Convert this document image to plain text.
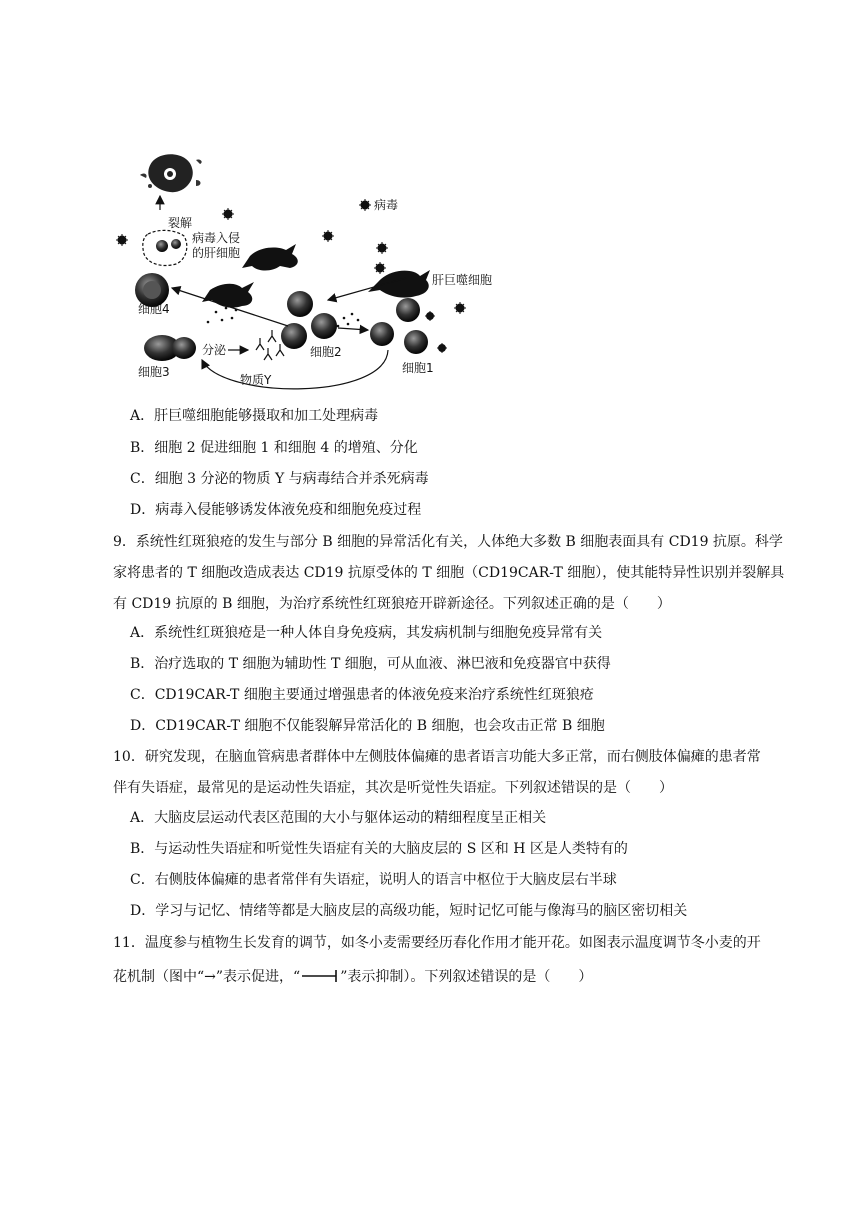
裂解
病毒入侵
的肝细胞
病毒
肝巨噬细胞
细胞4
细胞3
分泌
物质Y
细胞2
细胞1
A．肝巨噬细胞能够摄取和加工处理病毒
B．细胞 2 促进细胞 1 和细胞 4 的增殖、分化
C．细胞 3 分泌的物质 Y 与病毒结合并杀死病毒
D．病毒入侵能够诱发体液免疫和细胞免疫过程
9．系统性红斑狼疮的发生与部分 B 细胞的异常活化有关，人体绝大多数 B 细胞表面具有 CD19 抗原。科学
家将患者的 T 细胞改造成表达 CD19 抗原受体的 T 细胞（CD19CAR-T 细胞），使其能特异性识别并裂解具
有 CD19 抗原的 B 细胞，为治疗系统性红斑狼疮开辟新途径。下列叙述正确的是（　　）
A．系统性红斑狼疮是一种人体自身免疫病，其发病机制与细胞免疫异常有关
B．治疗选取的 T 细胞为辅助性 T 细胞，可从血液、淋巴液和免疫器官中获得
C．CD19CAR-T 细胞主要通过增强患者的体液免疫来治疗系统性红斑狼疮
D．CD19CAR-T 细胞不仅能裂解异常活化的 B 细胞，也会攻击正常 B 细胞
10．研究发现，在脑血管病患者群体中左侧肢体偏瘫的患者语言功能大多正常，而右侧肢体偏瘫的患者常
伴有失语症，最常见的是运动性失语症，其次是听觉性失语症。下列叙述错误的是（　　）
A．大脑皮层运动代表区范围的大小与躯体运动的精细程度呈正相关
B．与运动性失语症和听觉性失语症有关的大脑皮层的 S 区和 H 区是人类特有的
C．右侧肢体偏瘫的患者常伴有失语症，说明人的语言中枢位于大脑皮层右半球
D．学习与记忆、情绪等都是大脑皮层的高级功能，短时记忆可能与像海马的脑区密切相关
11．温度参与植物生长发育的调节，如冬小麦需要经历春化作用才能开花。如图表示温度调节冬小麦的开
花机制（图中“→”表示促进，“	”表示抑制）。下列叙述错误的是（　　）
